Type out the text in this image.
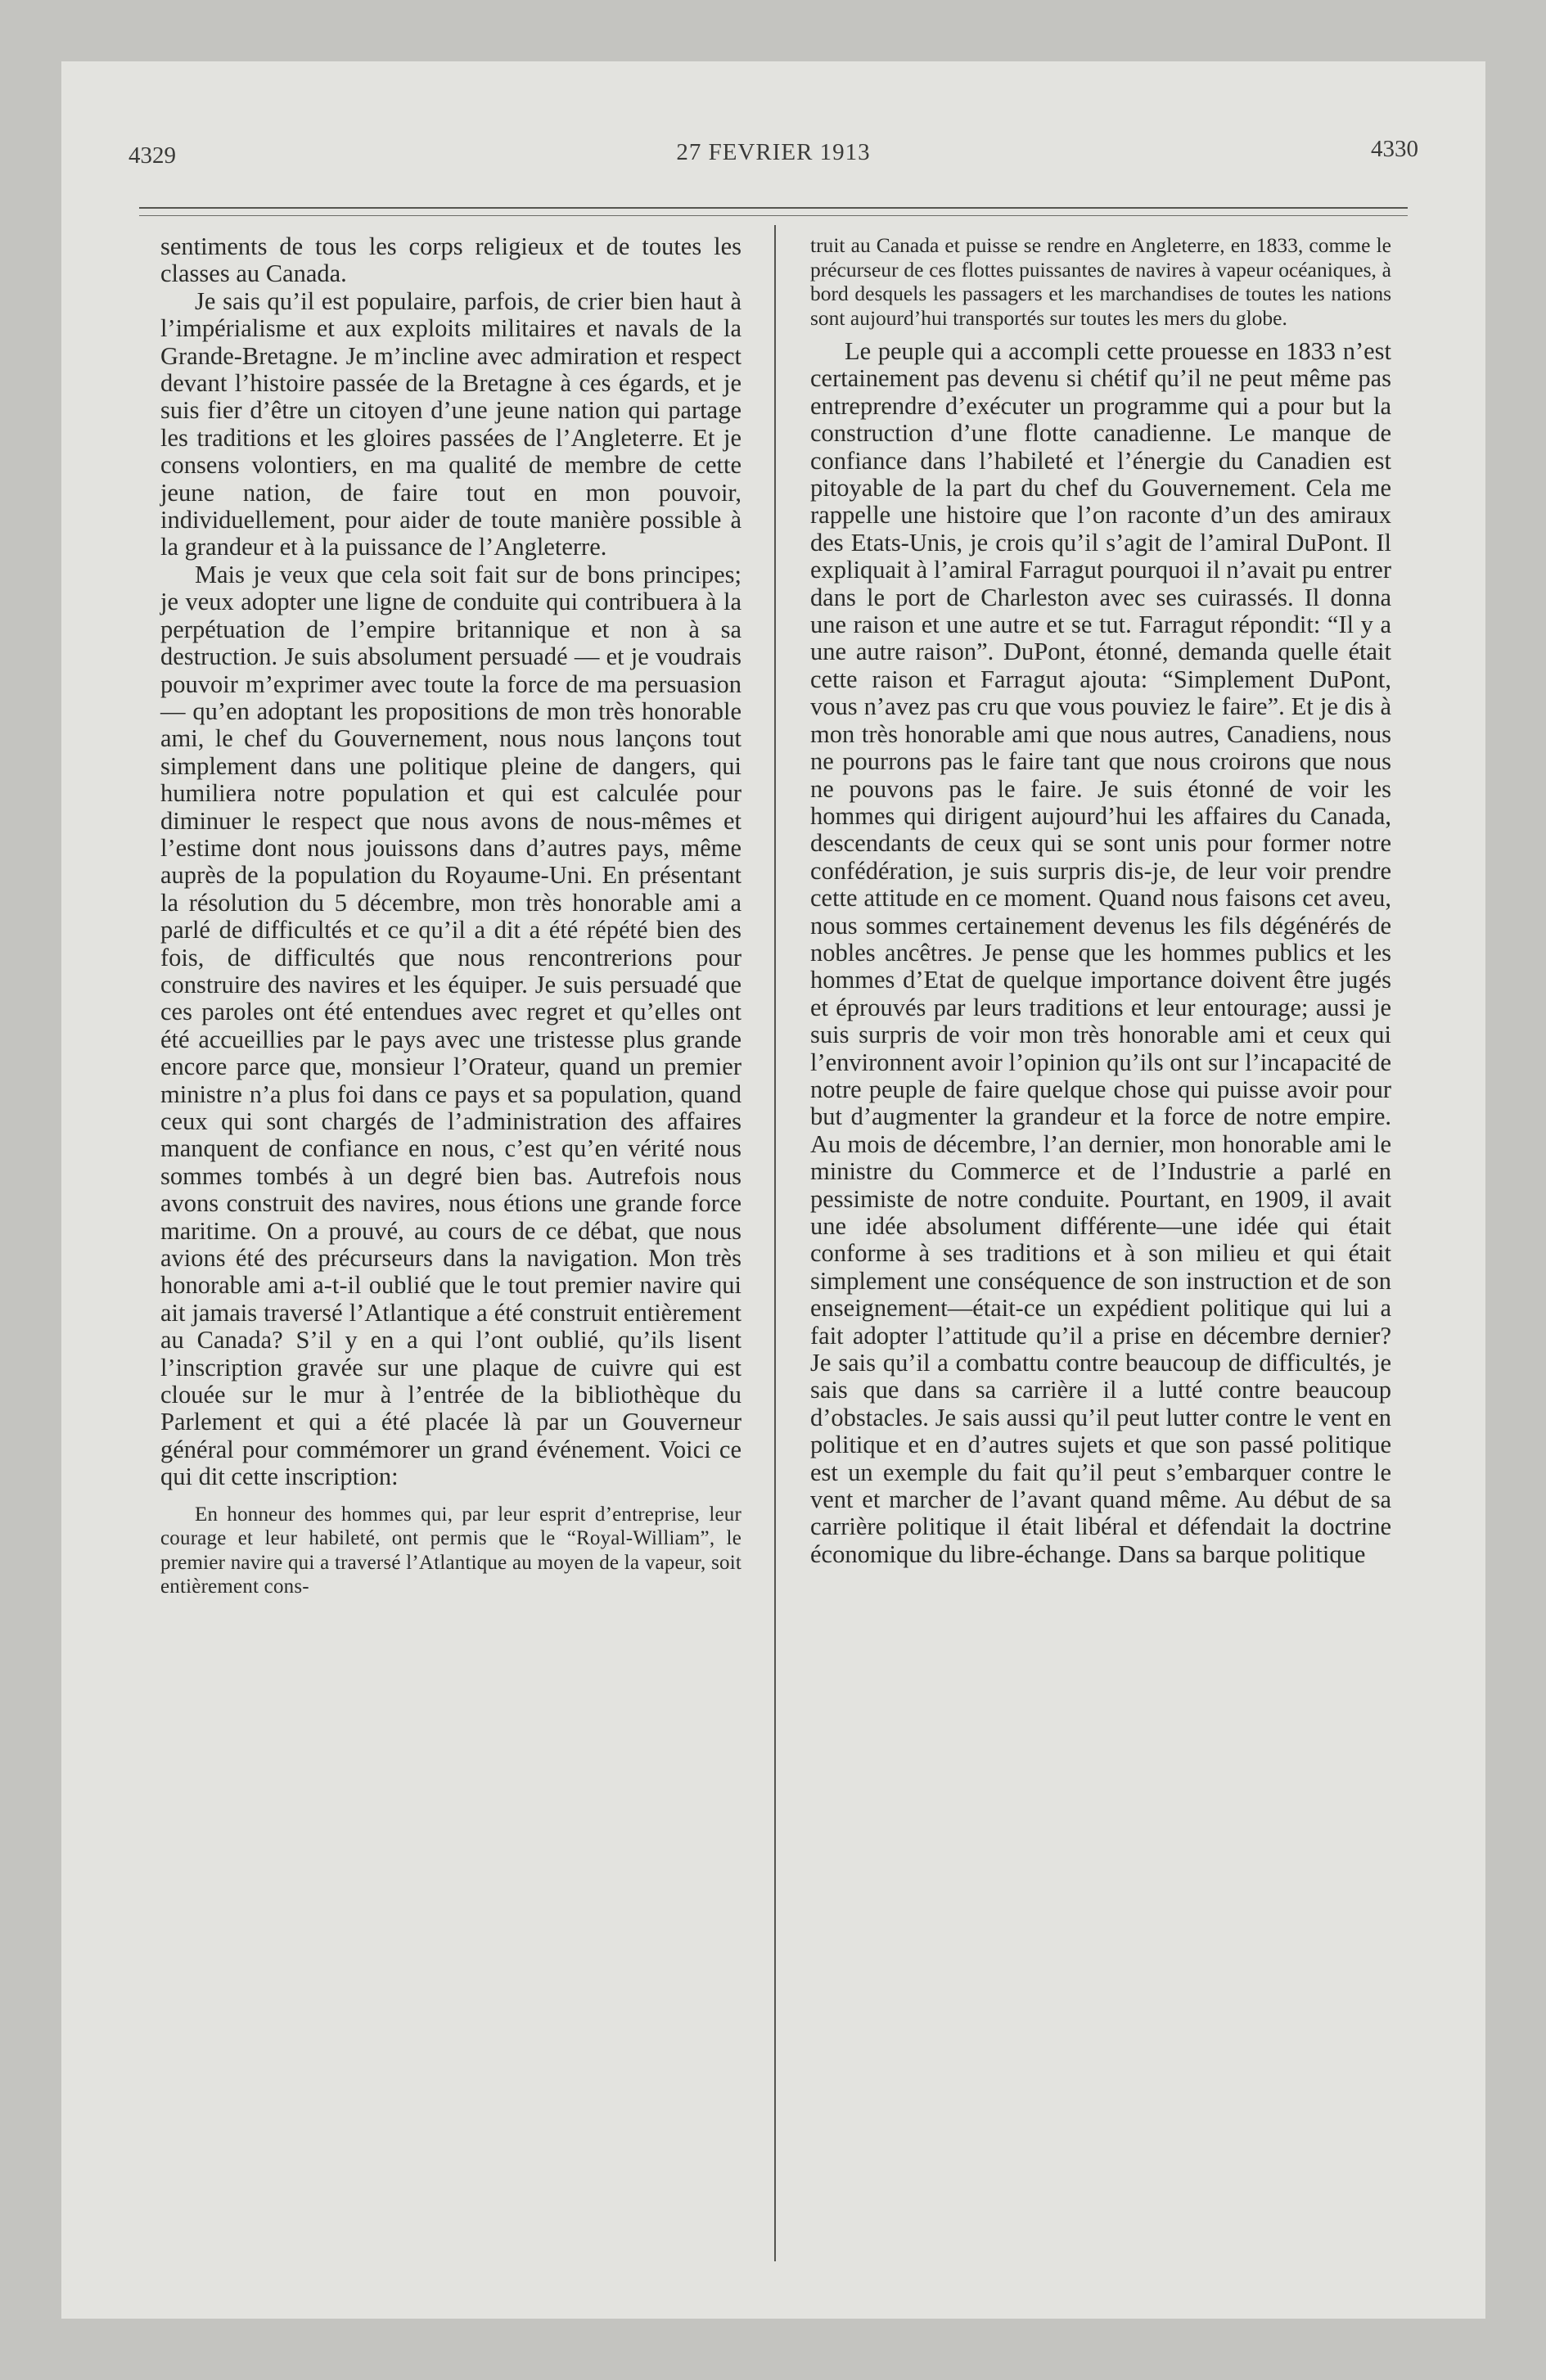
4329	27 FEVRIER 1913	4330

sentiments de tous les corps religieux et de toutes les classes au Canada.

Je sais qu’il est populaire, parfois, de crier bien haut à l’impérialisme et aux exploits militaires et navals de la Grande-Bretagne. Je m’incline avec admiration et respect devant l’histoire passée de la Bretagne à ces égards, et je suis fier d’être un citoyen d’une jeune nation qui partage les traditions et les gloires passées de l’Angleterre. Et je consens volontiers, en ma qualité de membre de cette jeune nation, de faire tout en mon pouvoir, individuellement, pour aider de toute manière possible à la grandeur et à la puissance de l’Angleterre.

Mais je veux que cela soit fait sur de bons principes; je veux adopter une ligne de conduite qui contribuera à la perpétuation de l’empire britannique et non à sa destruction. Je suis absolument persuadé — et je voudrais pouvoir m’exprimer avec toute la force de ma persuasion — qu’en adoptant les propositions de mon très honorable ami, le chef du Gouvernement, nous nous lançons tout simplement dans une politique pleine de dangers, qui humiliera notre population et qui est calculée pour diminuer le respect que nous avons de nous-mêmes et l’estime dont nous jouissons dans d’autres pays, même auprès de la population du Royaume-Uni. En présentant la résolution du 5 décembre, mon très honorable ami a parlé de difficultés et ce qu’il a dit a été répété bien des fois, de difficultés que nous rencontrerions pour construire des navires et les équiper. Je suis persuadé que ces paroles ont été entendues avec regret et qu’elles ont été accueillies par le pays avec une tristesse plus grande encore parce que, monsieur l’Orateur, quand un premier ministre n’a plus foi dans ce pays et sa population, quand ceux qui sont chargés de l’administration des affaires manquent de confiance en nous, c’est qu’en vérité nous sommes tombés à un degré bien bas. Autrefois nous avons construit des navires, nous étions une grande force maritime. On a prouvé, au cours de ce débat, que nous avions été des précurseurs dans la navigation. Mon très honorable ami a-t-il oublié que le tout premier navire qui ait jamais traversé l’Atlantique a été construit entièrement au Canada? S’il y en a qui l’ont oublié, qu’ils lisent l’inscription gravée sur une plaque de cuivre qui est clouée sur le mur à l’entrée de la bibliothèque du Parlement et qui a été placée là par un Gouverneur général pour commémorer un grand événement. Voici ce qui dit cette inscription:

En honneur des hommes qui, par leur esprit d’entreprise, leur courage et leur habileté, ont permis que le “Royal-William”, le premier navire qui a traversé l’Atlantique au moyen de la vapeur, soit entièrement cons-

truit au Canada et puisse se rendre en Angleterre, en 1833, comme le précurseur de ces flottes puissantes de navires à vapeur océaniques, à bord desquels les passagers et les marchandises de toutes les nations sont aujourd’hui transportés sur toutes les mers du globe.

Le peuple qui a accompli cette prouesse en 1833 n’est certainement pas devenu si chétif qu’il ne peut même pas entreprendre d’exécuter un programme qui a pour but la construction d’une flotte canadienne. Le manque de confiance dans l’habileté et l’énergie du Canadien est pitoyable de la part du chef du Gouvernement. Cela me rappelle une histoire que l’on raconte d’un des amiraux des Etats-Unis, je crois qu’il s’agit de l’amiral DuPont. Il expliquait à l’amiral Farragut pourquoi il n’avait pu entrer dans le port de Charleston avec ses cuirassés. Il donna une raison et une autre et se tut. Farragut répondit: “Il y a une autre raison”. DuPont, étonné, demanda quelle était cette raison et Farragut ajouta: “Simplement DuPont, vous n’avez pas cru que vous pouviez le faire”. Et je dis à mon très honorable ami que nous autres, Canadiens, nous ne pourrons pas le faire tant que nous croirons que nous ne pouvons pas le faire. Je suis étonné de voir les hommes qui dirigent aujourd’hui les affaires du Canada, descendants de ceux qui se sont unis pour former notre confédération, je suis surpris dis-je, de leur voir prendre cette attitude en ce moment. Quand nous faisons cet aveu, nous sommes certainement devenus les fils dégénérés de nobles ancêtres. Je pense que les hommes publics et les hommes d’Etat de quelque importance doivent être jugés et éprouvés par leurs traditions et leur entourage; aussi je suis surpris de voir mon très honorable ami et ceux qui l’environnent avoir l’opinion qu’ils ont sur l’incapacité de notre peuple de faire quelque chose qui puisse avoir pour but d’augmenter la grandeur et la force de notre empire. Au mois de décembre, l’an dernier, mon honorable ami le ministre du Commerce et de l’Industrie a parlé en pessimiste de notre conduite. Pourtant, en 1909, il avait une idée absolument différente—une idée qui était conforme à ses traditions et à son milieu et qui était simplement une conséquence de son instruction et de son enseignement—était-ce un expédient politique qui lui a fait adopter l’attitude qu’il a prise en décembre dernier? Je sais qu’il a combattu contre beaucoup de difficultés, je sais que dans sa carrière il a lutté contre beaucoup d’obstacles. Je sais aussi qu’il peut lutter contre le vent en politique et en d’autres sujets et que son passé politique est un exemple du fait qu’il peut s’embarquer contre le vent et marcher de l’avant quand même. Au début de sa carrière politique il était libéral et défendait la doctrine économique du libre-échange. Dans sa barque politique
